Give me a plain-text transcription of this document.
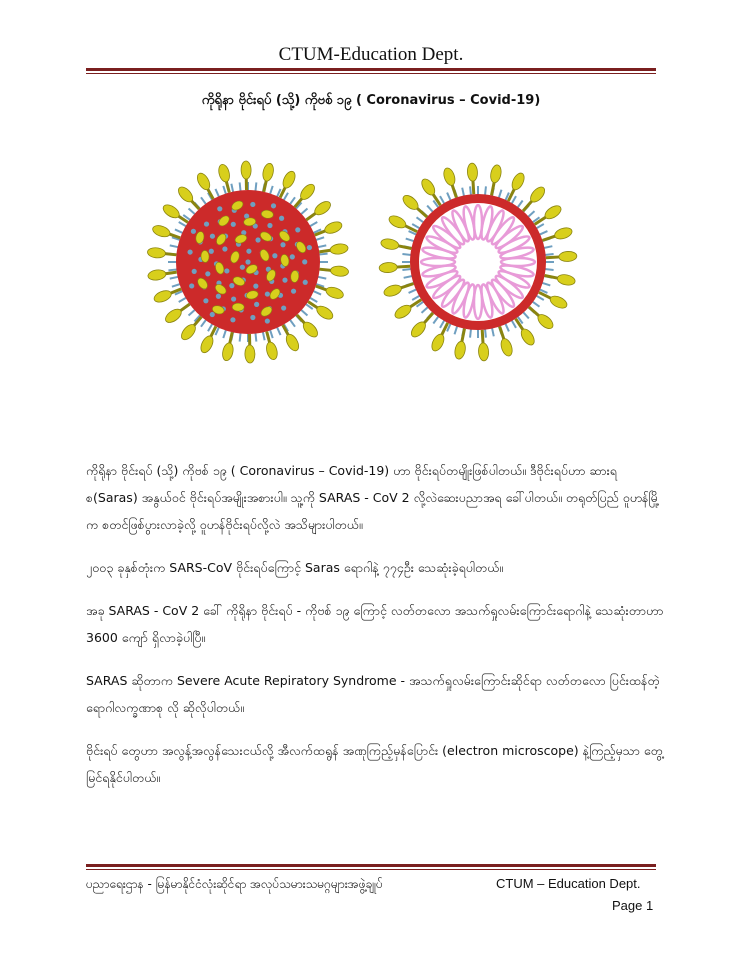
CTUM-Education Dept.
ကိုရိုနာ ဗိုင်းရပ် (သို့) ကိုဗစ် ၁၉ ( Coronavirus – Covid-19)

ကိုရိုနာ ဗိုင်းရပ် (သို့) ကိုဗစ် ၁၉ ( Coronavirus – Covid-19) ဟာ ဗိုင်းရပ်တမျိုးဖြစ်ပါတယ်။ ဒီဗိုင်းရပ်ဟာ ဆားရစ(Saras) အနွယ်ဝင် ဗိုင်းရပ်အမျိုးအစားပါ။ သူ့ကို SARAS - CoV 2 လို့လဲဆေးပညာအရ ခေါ်ပါတယ်။ တရုတ်ပြည် ဝူဟန်မြို့က စတင်ဖြစ်ပွားလာခဲ့လို့ ဝူဟန်ဗိုင်းရပ်လို့လဲ အသိများပါတယ်။

၂၀၀၃ ခုနှစ်တုံးက SARS-CoV ဗိုင်းရပ်ကြောင့် Saras ရောဂါနဲ့ ၇၇၄ဦး သေဆုံးခဲ့ရပါတယ်။

အခု SARAS - CoV 2 ခေါ် ကိုရိုနာ ဗိုင်းရပ် - ကိုဗစ် ၁၉ ကြောင့် လတ်တလော အသက်ရှုလမ်းကြောင်းရောဂါနဲ့ သေဆုံးတာဟာ 3600 ကျော် ရှိလာခဲ့ပါပြီ။

SARAS ဆိုတာက Severe Acute Repiratory Syndrome - အသက်ရှုလမ်းကြောင်းဆိုင်ရာ လတ်တလော ပြင်းထန်တဲ့ ရောဂါလက္ခဏာစု လို ဆိုလိုပါတယ်။

ဗိုင်းရပ် တွေဟာ အလွန့်အလွန်သေးငယ်လို့ အီလက်ထရွန် အဏုကြည့်မှန်ပြောင်း (electron microscope) နဲ့ကြည့်မှသာ တွေ့မြင်ရနိုင်ပါတယ်။

ပညာရေးဌာန - မြန်မာနိုင်ငံလုံးဆိုင်ရာ အလုပ်သမားသမဂ္ဂများအဖွဲ့ချုပ်	CTUM – Education Dept.
Page 1
